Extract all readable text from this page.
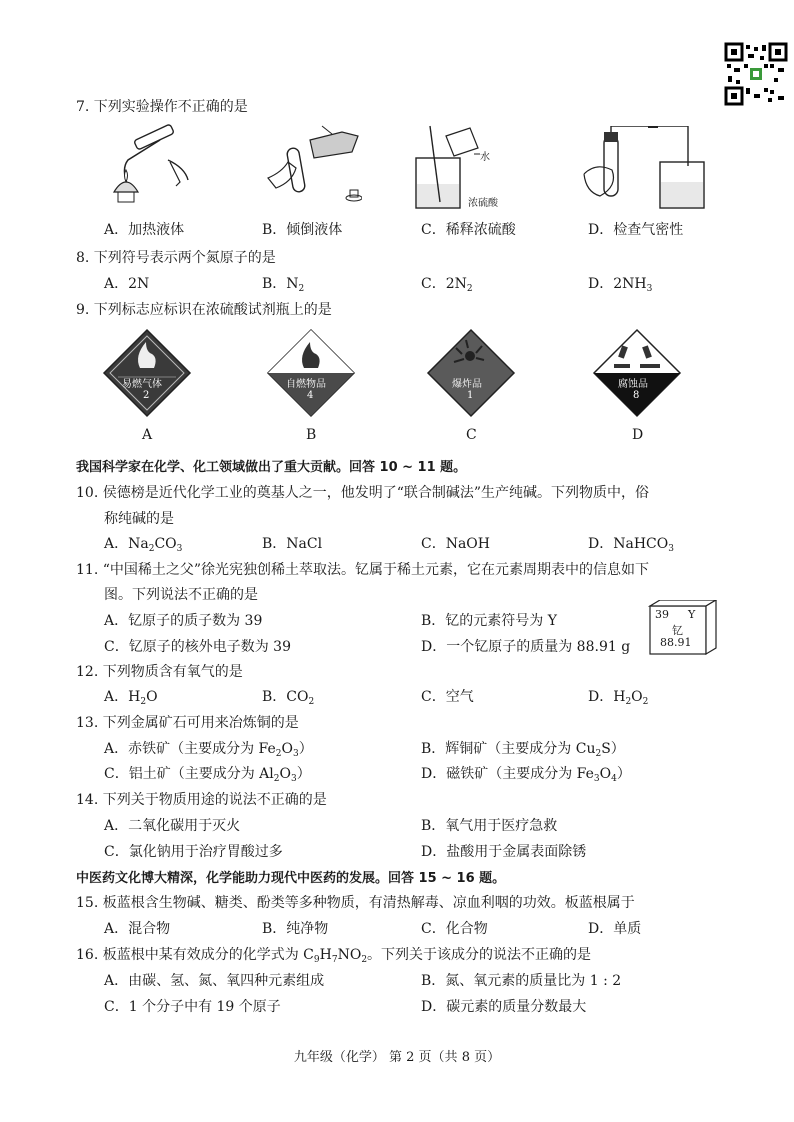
7. 下列实验操作不正确的是
水
浓硫酸
A．加热液体	B．倾倒液体	C．稀释浓硫酸	D．检查气密性
8. 下列符号表示两个氮原子的是
A．2N	B．$N_2$	C．$2N_2$	D．$2NH_3$
9. 下列标志应标识在浓硫酸试剂瓶上的是
易燃气体
2
自燃物品
4
爆炸品
1
腐蚀品
8
A	B	C	D
我国科学家在化学、化工领域做出了重大贡献。回答 10 ~ 11 题。
10. 侯德榜是近代化学工业的奠基人之一，他发明了“联合制碱法”生产纯碱。下列物质中，俗
称纯碱的是
A．$Na_2CO_3$	B．NaCl	C．NaOH	D．NaHCO$_3$
11. “中国稀土之父”徐光宪独创稀土萃取法。钇属于稀土元素，它在元素周期表中的信息如下
图。下列说法不正确的是
A．钇原子的质子数为 39	B．钇的元素符号为 Y
C．钇原子的核外电子数为 39	D．一个钇原子的质量为 88.91 g
39 Y
钇
88.91
12. 下列物质含有氧气的是
A．$H_2O$	B．$CO_2$	C．空气	D．$H_2O_2$
13. 下列金属矿石可用来冶炼铜的是
A．赤铁矿（主要成分为 $Fe_2O_3$）	B．辉铜矿（主要成分为 $Cu_2S$）
C．铝土矿（主要成分为 $Al_2O_3$）	D．磁铁矿（主要成分为 $Fe_3O_4$）
14. 下列关于物质用途的说法不正确的是
A．二氧化碳用于灭火	B．氧气用于医疗急救
C．氯化钠用于治疗胃酸过多	D．盐酸用于金属表面除锈
中医药文化博大精深，化学能助力现代中医药的发展。回答 15 ~ 16 题。
15. 板蓝根含生物碱、糖类、酚类等多种物质，有清热解毒、凉血利咽的功效。板蓝根属于
A．混合物	B．纯净物	C．化合物	D．单质
16. 板蓝根中某有效成分的化学式为 $C_9H_7NO_2$。下列关于该成分的说法不正确的是
A．由碳、氢、氮、氧四种元素组成	B．氮、氧元素的质量比为 1 : 2
C．1 个分子中有 19 个原子	D．碳元素的质量分数最大
九年级（化学） 第 2 页（共 8 页）
